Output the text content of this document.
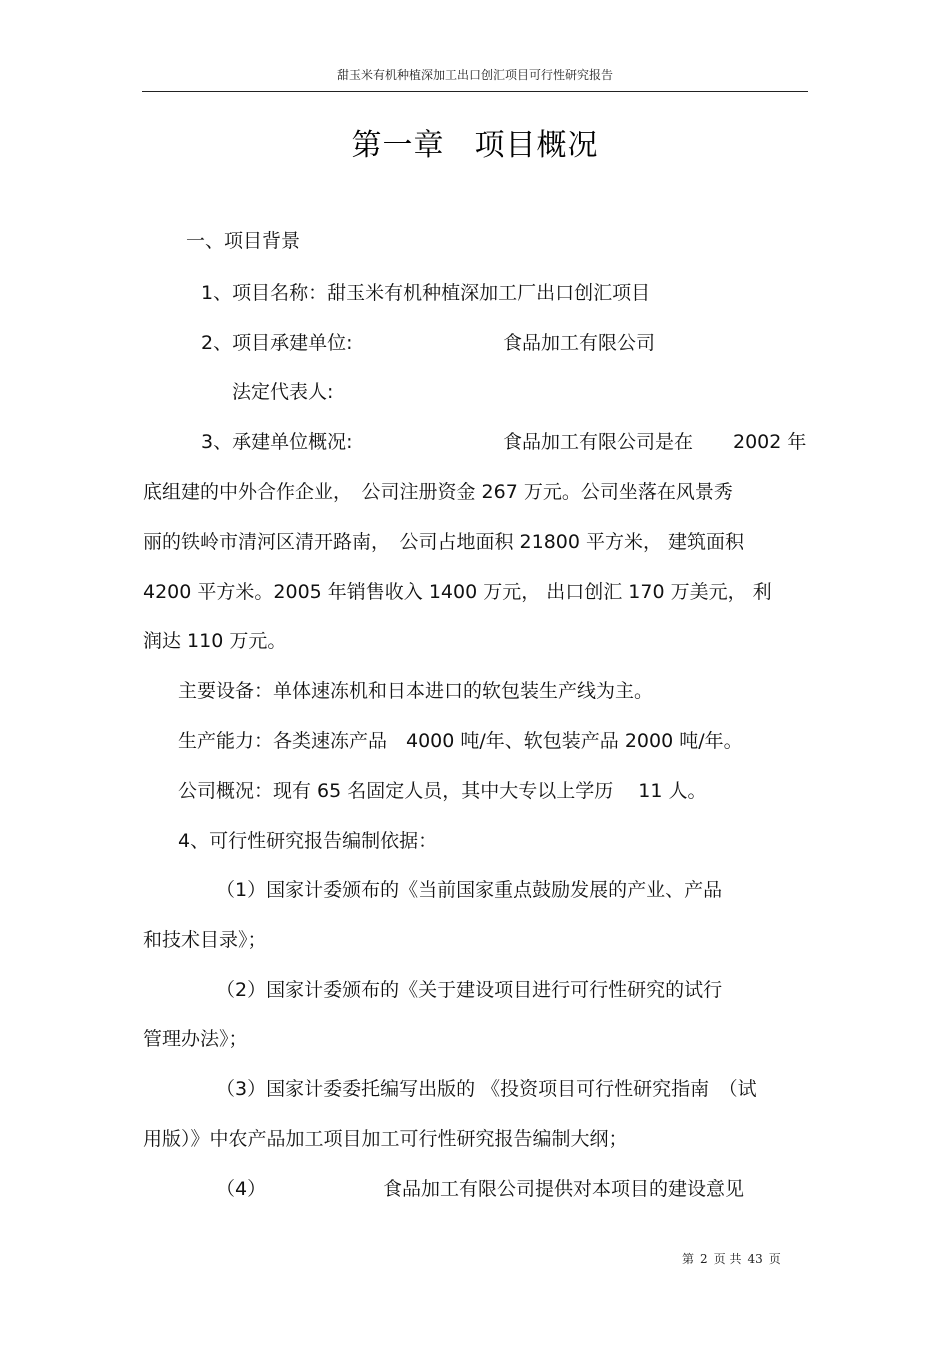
甜玉米有机种植深加工出口创汇项目可行性研究报告
第一章 项目概况
一、项目背景
1、项目名称：甜玉米有机种植深加工厂出口创汇项目
2、项目承建单位:	食品加工有限公司
法定代表人:
3、承建单位概况:	食品加工有限公司是在 2002 年
底组建的中外合作企业，　公司注册资金 267 万元。公司坐落在风景秀
丽的铁岭市清河区清开路南，　公司占地面积 21800 平方米， 建筑面积
4200 平方米。2005 年销售收入 1400 万元， 出口创汇 170 万美元， 利
润达 110 万元。
主要设备：单体速冻机和日本进口的软包装生产线为主。
生产能力：各类速冻产品　4000 吨/年、软包装产品 2000 吨/年。
公司概况：现有 65 名固定人员，其中大专以上学历　 11 人。
4、可行性研究报告编制依据：
（1）国家计委颁布的《当前国家重点鼓励发展的产业、产品
和技术目录》；
（2）国家计委颁布的《关于建设项目进行可行性研究的试行
管理办法》；
（3）国家计委委托编写出版的 《投资项目可行性研究指南　（试
用版）》中农产品加工项目加工可行性研究报告编制大纲；
（4）	食品加工有限公司提供对本项目的建设意见
第 2 页 共 43 页
